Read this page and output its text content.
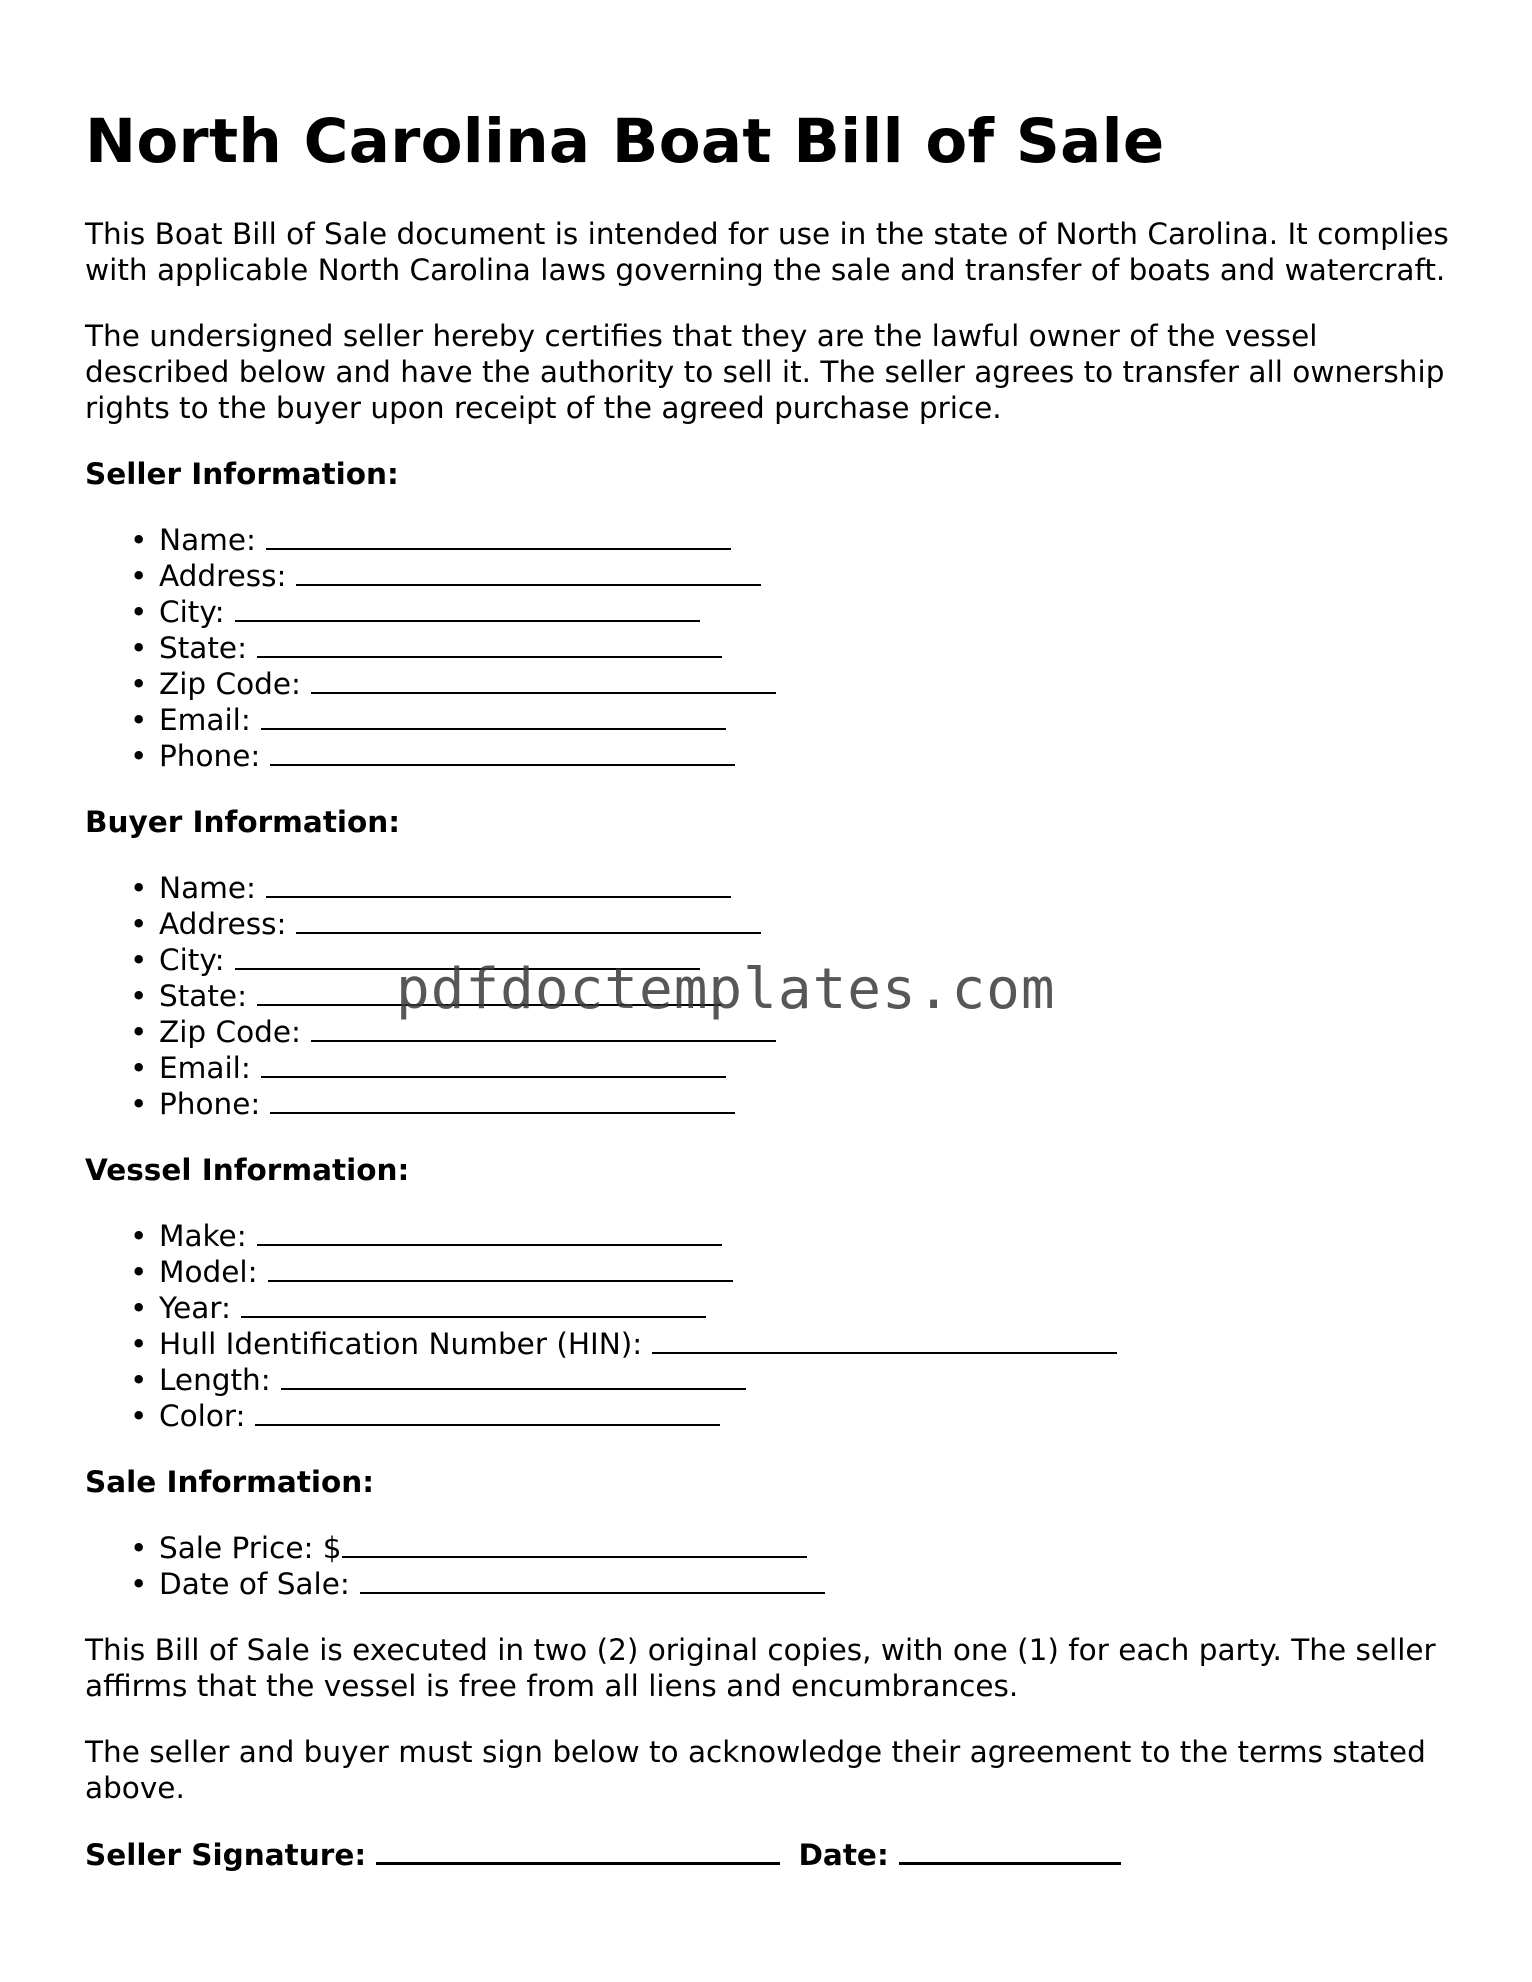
North Carolina Boat Bill of Sale

This Boat Bill of Sale document is intended for use in the state of North Carolina. It complies with applicable North Carolina laws governing the sale and transfer of boats and watercraft.

The undersigned seller hereby certifies that they are the lawful owner of the vessel described below and have the authority to sell it. The seller agrees to transfer all ownership rights to the buyer upon receipt of the agreed purchase price.

Seller Information:
• Name:
• Address:
• City:
• State:
• Zip Code:
• Email:
• Phone:
Buyer Information:
• Name:
• Address:
• City:
• State:
• Zip Code:
• Email:
• Phone:
Vessel Information:
• Make:
• Model:
• Year:
• Hull Identification Number (HIN):
• Length:
• Color:
Sale Information:
• Sale Price: $
• Date of Sale:

This Bill of Sale is executed in two (2) original copies, with one (1) for each party. The seller affirms that the vessel is free from all liens and encumbrances.

The seller and buyer must sign below to acknowledge their agreement to the terms stated above.

Seller Signature:	Date:
pdfdoctemplates.com
